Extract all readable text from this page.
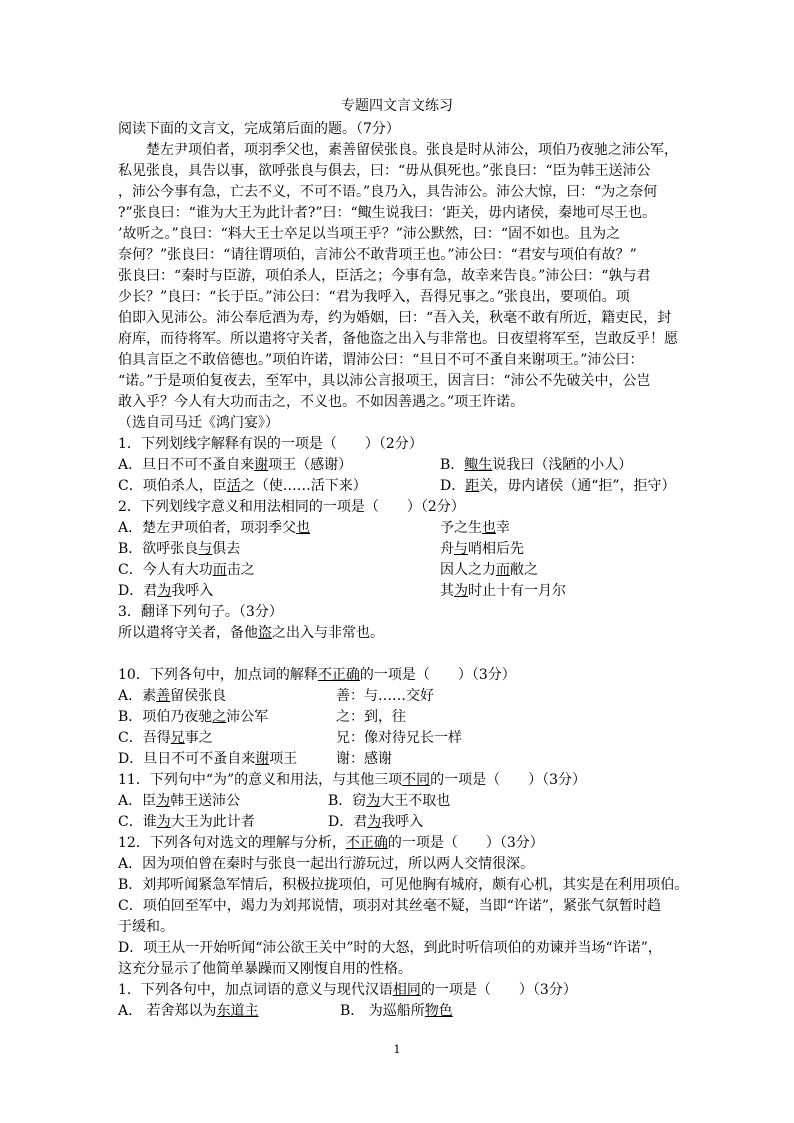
专题四文言文练习
阅读下面的文言文，完成第后面的题。（7分）
楚左尹项伯者，项羽季父也，素善留侯张良。张良是时从沛公，项伯乃夜驰之沛公军，
私见张良，具告以事，欲呼张良与俱去，曰：“毋从俱死也。”张良曰：“臣为韩王送沛公
，沛公今事有急，亡去不义，不可不语。”良乃入，具告沛公。沛公大惊，曰：“为之奈何
?”张良曰：“谁为大王为此计者?”曰：“鲰生说我曰：‘距关，毋内诸侯，秦地可尽王也。
’故听之。”良曰：“料大王士卒足以当项王乎？”沛公默然，曰：“固不如也。且为之
奈何？”张良曰：“请往谓项伯，言沛公不敢背项王也。”沛公曰：“君安与项伯有故？”
张良曰：“秦时与臣游，项伯杀人，臣活之；今事有急，故幸来告良。”沛公曰：“孰与君
少长？”良曰：“长于臣。”沛公曰：“君为我呼入，吾得兄事之。”张良出，要项伯。项
伯即入见沛公。沛公奉卮酒为寿，约为婚姻，曰：“吾入关，秋毫不敢有所近，籍吏民，封
府库，而待将军。所以遣将守关者，备他盗之出入与非常也。日夜望将军至，岂敢反乎！愿
伯具言臣之不敢倍德也。”项伯许诺，谓沛公曰：“旦日不可不蚤自来谢项王。”沛公曰：
“诺。”于是项伯复夜去，至军中，具以沛公言报项王，因言曰：“沛公不先破关中，公岂
敢入乎？今人有大功而击之，不义也。不如因善遇之。”项王许诺。
（选自司马迁《鸿门宴》）
1．下列划线字解释有误的一项是（　　）（2分）
A．旦日不可不蚤自来谢项王（感谢）	B．鲰生说我曰（浅陋的小人）
C．项伯杀人，臣活之（使……活下来）	D．距关，毋内诸侯（通“拒”，拒守）
2．下列划线字意义和用法相同的一项是（　　）（2分）
A．楚左尹项伯者，项羽季父也	予之生也幸
B．欲呼张良与俱去	舟与哨相后先
C．今人有大功而击之	因人之力而敝之
D．君为我呼入	其为时止十有一月尔
3．翻译下列句子。（3分）
所以遣将守关者，备他盗之出入与非常也。
10．下列各句中，加点词的解释不正确的一项是（　　）（3分）
A．素善留侯张良	善：与……交好
B．项伯乃夜驰之沛公军	之：到，往
C．吾得兄事之	兄：像对待兄长一样
D．旦日不可不蚤自来谢项王	谢：感谢
11．下列句中“为”的意义和用法，与其他三项不同的一项是（　　）（3分）
A．臣为韩王送沛公	B．窃为大王不取也
C．谁为大王为此计者	D．君为我呼入
12．下列各句对选文的理解与分析，不正确的一项是（　　）（3分）
A．因为项伯曾在秦时与张良一起出行游玩过，所以两人交情很深。
B．刘邦听闻紧急军情后，积极拉拢项伯，可见他胸有城府，颇有心机，其实是在利用项伯。
C．项伯回至军中，竭力为刘邦说情，项羽对其丝毫不疑，当即“许诺”，紧张气氛暂时趋
于缓和。
D．项王从一开始听闻“沛公欲王关中”时的大怒，到此时听信项伯的劝谏并当场“许诺”，
这充分显示了他简单暴躁而又刚愎自用的性格。
1．下列各句中，加点词语的意义与现代汉语相同的一项是（　　）（3分）
A． 若舍郑以为东道主	B． 为巡船所物色
1
